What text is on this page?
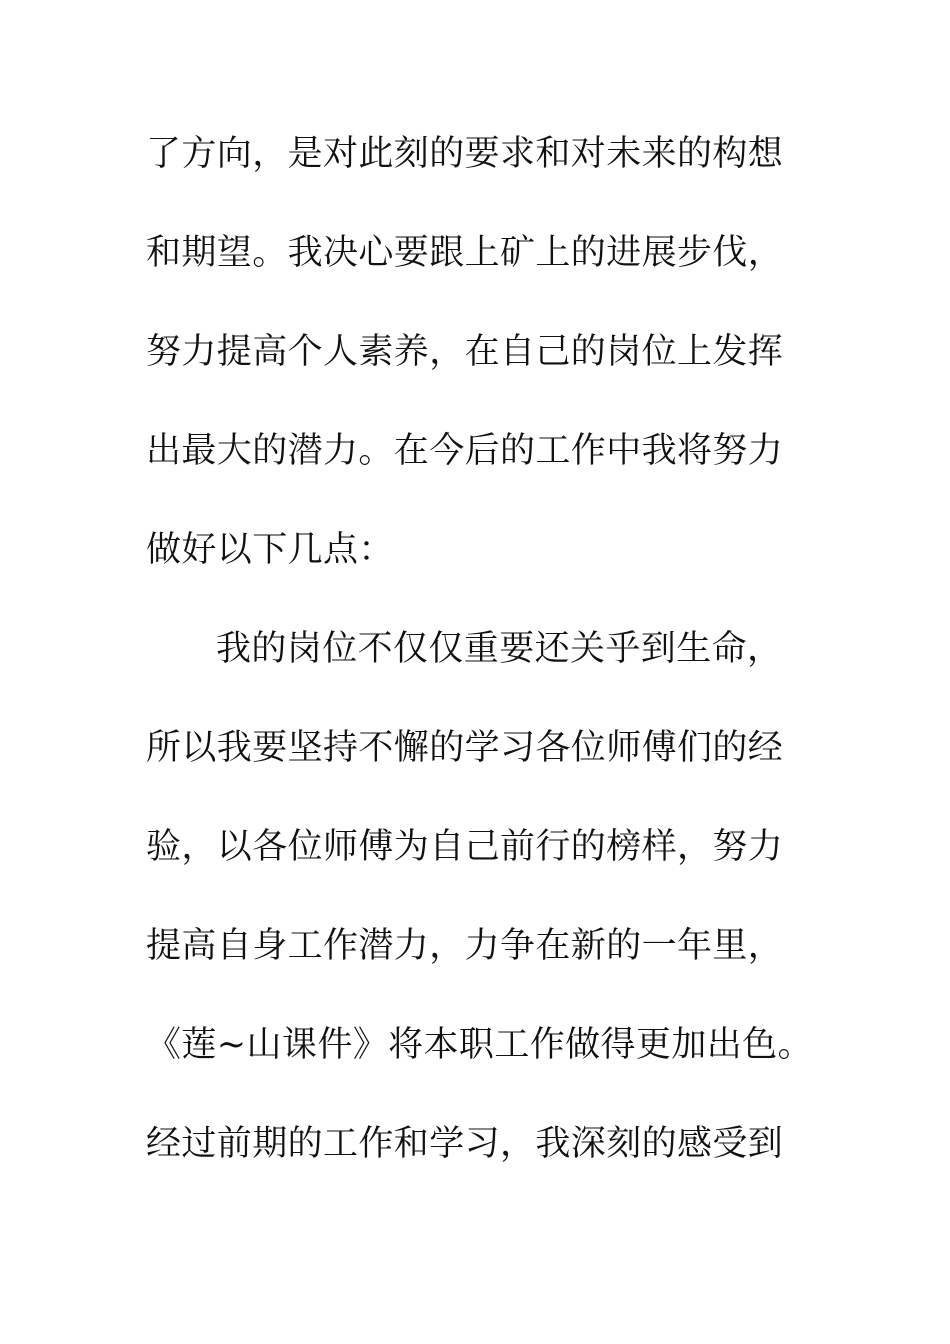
了方向，是对此刻的要求和对未来的构想
和期望。我决心要跟上矿上的进展步伐，
努力提高个人素养，在自己的岗位上发挥
出最大的潜力。在今后的工作中我将努力
做好以下几点：
我的岗位不仅仅重要还关乎到生命，
所以我要坚持不懈的学习各位师傅们的经
验，以各位师傅为自己前行的榜样，努力
提高自身工作潜力，力争在新的一年里，
《莲~山课件》将本职工作做得更加出色。
经过前期的工作和学习，我深刻的感受到
